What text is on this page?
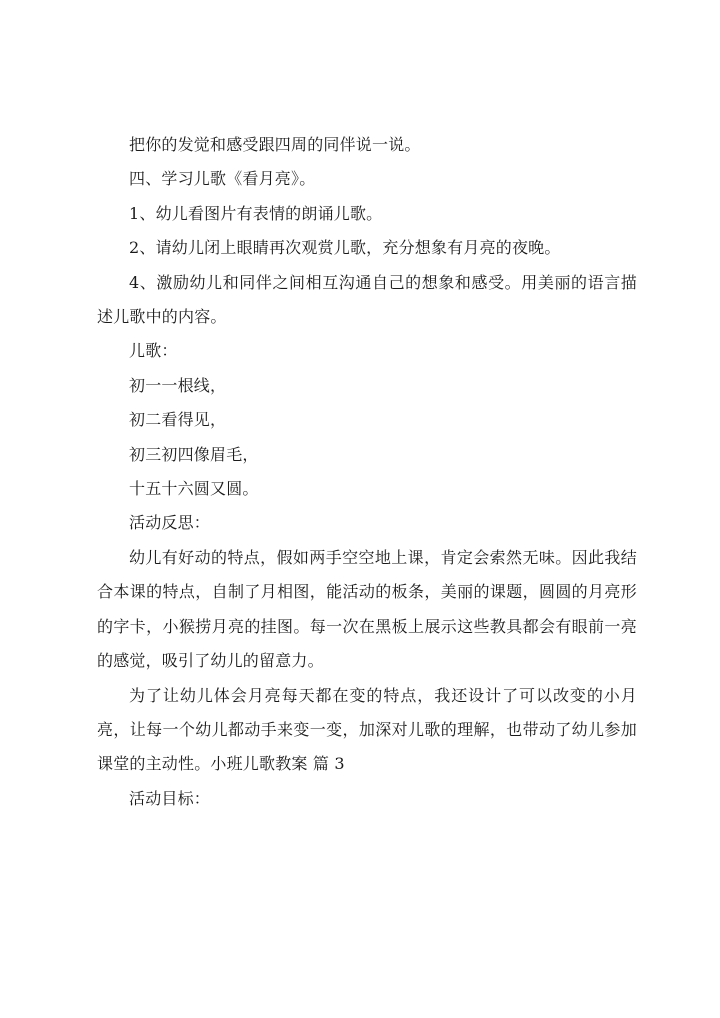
把你的发觉和感受跟四周的同伴说一说。

四、学习儿歌《看月亮》。

1、幼儿看图片有表情的朗诵儿歌。

2、请幼儿闭上眼睛再次观赏儿歌，充分想象有月亮的夜晚。

4、激励幼儿和同伴之间相互沟通自己的想象和感受。用美丽的语言描述儿歌中的内容。

儿歌：

初一一根线，

初二看得见，

初三初四像眉毛，

十五十六圆又圆。

活动反思：

幼儿有好动的特点，假如两手空空地上课，肯定会索然无味。因此我结合本课的特点，自制了月相图，能活动的板条，美丽的课题，圆圆的月亮形的字卡，小猴捞月亮的挂图。每一次在黑板上展示这些教具都会有眼前一亮的感觉，吸引了幼儿的留意力。

为了让幼儿体会月亮每天都在变的特点，我还设计了可以改变的小月亮，让每一个幼儿都动手来变一变，加深对儿歌的理解，也带动了幼儿参加课堂的主动性。小班儿歌教案 篇 3

活动目标：
